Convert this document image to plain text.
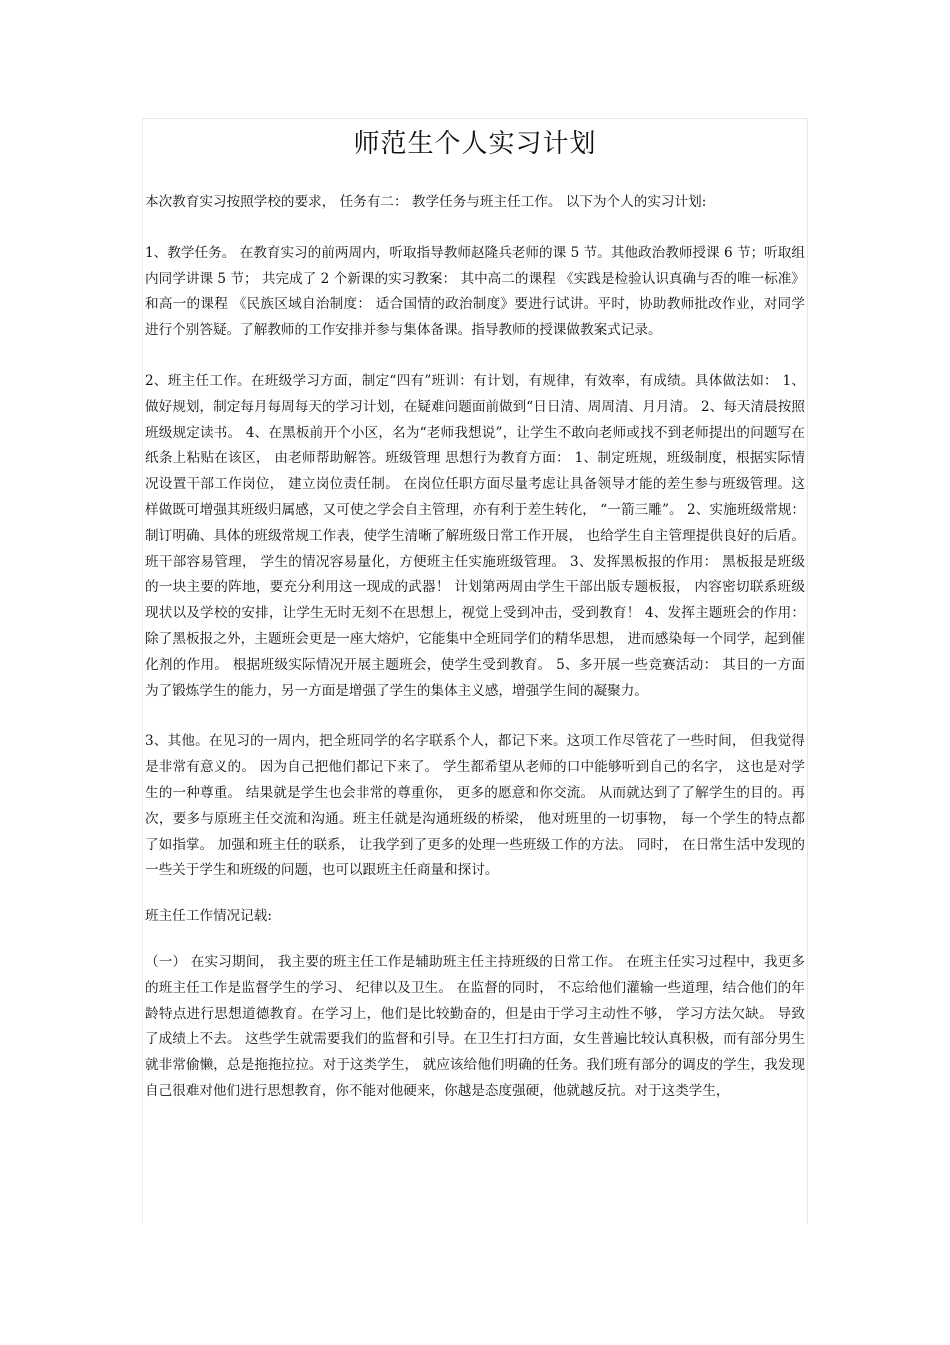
师范生个人实习计划

本次教育实习按照学校的要求， 任务有二： 教学任务与班主任工作。 以下为个人的实习计划:

1、教学任务。 在教育实习的前两周内，听取指导教师赵隆兵老师的课 5 节。其他政治教师授课 6 节；听取组内同学讲课 5 节； 共完成了 2 个新课的实习教案： 其中高二的课程 《实践是检验认识真确与否的唯一标准》 和高一的课程 《民族区域自治制度： 适合国情的政治制度》要进行试讲。平时，协助教师批改作业，对同学进行个别答疑。了解教师的工作安排并参与集体备课。指导教师的授课做教案式记录。

2、班主任工作。在班级学习方面，制定“四有”班训：有计划，有规律，有效率，有成绩。具体做法如： 1、做好规划，制定每月每周每天的学习计划，在疑难问题面前做到“日日清、周周清、月月清。 2、每天清晨按照班级规定读书。 4、在黑板前开个小区，名为“老师我想说”，让学生不敢向老师或找不到老师提出的问题写在纸条上粘贴在该区， 由老师帮助解答。班级管理 思想行为教育方面： 1、制定班规，班级制度，根据实际情况设置干部工作岗位， 建立岗位责任制。 在岗位任职方面尽量考虑让具备领导才能的差生参与班级管理。这样做既可增强其班级归属感，又可使之学会自主管理，亦有利于差生转化， “一箭三雕”。 2、实施班级常规： 制订明确、具体的班级常规工作表，使学生清晰了解班级日常工作开展， 也给学生自主管理提供良好的后盾。 班干部容易管理， 学生的情况容易量化，方便班主任实施班级管理。 3、发挥黑板报的作用： 黑板报是班级的一块主要的阵地，要充分利用这一现成的武器！ 计划第两周由学生干部出版专题板报， 内容密切联系班级现状以及学校的安排，让学生无时无刻不在思想上，视觉上受到冲击，受到教育！ 4、发挥主题班会的作用： 除了黑板报之外，主题班会更是一座大熔炉，它能集中全班同学们的精华思想， 进而感染每一个同学，起到催化剂的作用。 根据班级实际情况开展主题班会，使学生受到教育。 5、多开展一些竞赛活动： 其目的一方面为了锻炼学生的能力，另一方面是增强了学生的集体主义感，增强学生间的凝聚力。

3、其他。在见习的一周内，把全班同学的名字联系个人，都记下来。这项工作尽管花了一些时间， 但我觉得是非常有意义的。 因为自己把他们都记下来了。 学生都希望从老师的口中能够听到自己的名字， 这也是对学生的一种尊重。 结果就是学生也会非常的尊重你， 更多的愿意和你交流。 从而就达到了了解学生的目的。再次，要多与原班主任交流和沟通。班主任就是沟通班级的桥梁， 他对班里的一切事物， 每一个学生的特点都了如指掌。 加强和班主任的联系， 让我学到了更多的处理一些班级工作的方法。 同时， 在日常生活中发现的一些关于学生和班级的问题，也可以跟班主任商量和探讨。

班主任工作情况记载:

（一） 在实习期间， 我主要的班主任工作是辅助班主任主持班级的日常工作。 在班主任实习过程中，我更多的班主任工作是监督学生的学习、 纪律以及卫生。 在监督的同时， 不忘给他们灌输一些道理，结合他们的年龄特点进行思想道德教育。在学习上，他们是比较勤奋的，但是由于学习主动性不够， 学习方法欠缺。 导致了成绩上不去。 这些学生就需要我们的监督和引导。在卫生打扫方面，女生普遍比较认真积极，而有部分男生就非常偷懒，总是拖拖拉拉。对于这类学生， 就应该给他们明确的任务。我们班有部分的调皮的学生，我发现自己很难对他们进行思想教育，你不能对他硬来，你越是态度强硬，他就越反抗。对于这类学生，
